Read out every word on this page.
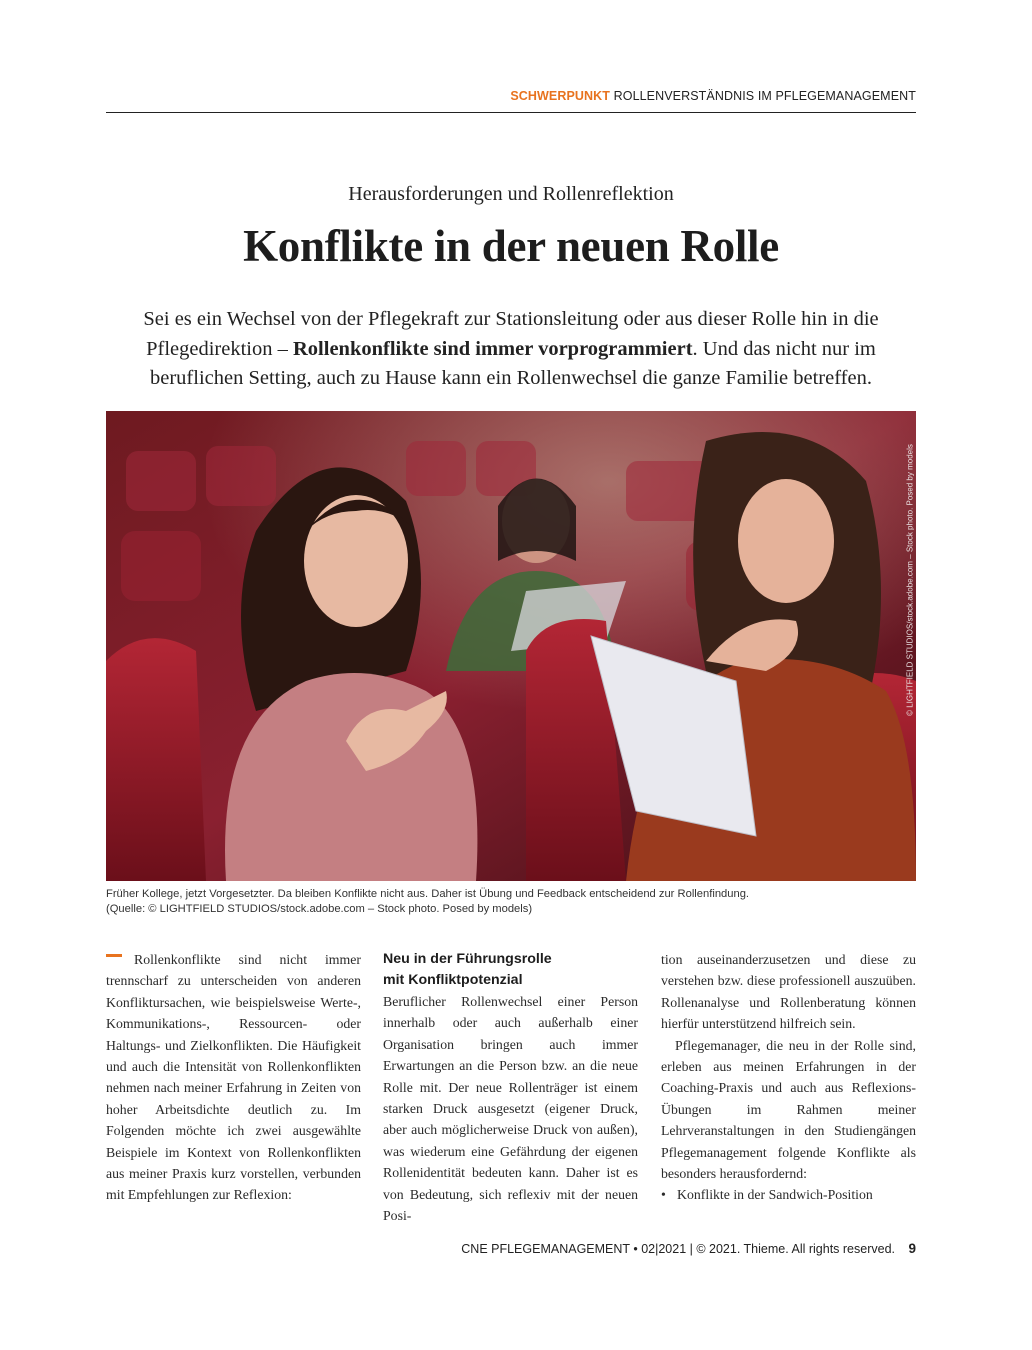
SCHWERPUNKT ROLLENVERSTÄNDNIS IM PFLEGEMANAGEMENT
Herausforderungen und Rollenreflektion
Konflikte in der neuen Rolle
Sei es ein Wechsel von der Pflegekraft zur Stationsleitung oder aus dieser Rolle hin in die Pflegedirektion – Rollenkonflikte sind immer vorprogrammiert. Und das nicht nur im beruflichen Setting, auch zu Hause kann ein Rollenwechsel die ganze Familie betreffen.
© LIGHTFIELD STUDIOS/stock.adobe.com – Stock photo. Posed by models
Früher Kollege, jetzt Vorgesetzter. Da bleiben Konflikte nicht aus. Daher ist Übung und Feedback entscheidend zur Rollenfindung.
(Quelle: © LIGHTFIELD STUDIOS/stock.adobe.com – Stock photo. Posed by models)

Rollenkonflikte sind nicht immer trennscharf zu unterscheiden von anderen Konfliktursachen, wie beispielsweise Werte-, Kommunikations-, Ressourcen- oder Haltungs- und Zielkonflikten. Die Häufigkeit und auch die Intensität von Rollenkonflikten nehmen nach meiner Erfahrung in Zeiten von hoher Arbeitsdichte deutlich zu. Im Folgenden möchte ich zwei ausgewählte Beispiele im Kontext von Rollenkonflikten aus meiner Praxis kurz vorstellen, verbunden mit Empfehlungen zur Reflexion:

Neu in der Führungsrolle
mit Konfliktpotenzial

Beruflicher Rollenwechsel einer Person innerhalb oder auch außerhalb einer Organisation bringen auch immer Erwartungen an die Person bzw. an die neue Rolle mit. Der neue Rollenträger ist einem starken Druck ausgesetzt (eigener Druck, aber auch möglicherweise Druck von außen), was wiederum eine Gefährdung der eigenen Rollenidentität bedeuten kann. Daher ist es von Bedeutung, sich reflexiv mit der neuen Posi-

tion auseinanderzusetzen und diese zu verstehen bzw. diese professionell auszuüben. Rollenanalyse und Rollenberatung können hierfür unterstützend hilfreich sein.

Pflegemanager, die neu in der Rolle sind, erleben aus meinen Erfahrungen in der Coaching-Praxis und auch aus Reflexions-Übungen im Rahmen meiner Lehrveranstaltungen in den Studiengängen Pflegemanagement folgende Konflikte als besonders herausfordernd:

• Konflikte in der Sandwich-Position

CNE PFLEGEMANAGEMENT • 02|2021 | © 2021. Thieme. All rights reserved. 9
